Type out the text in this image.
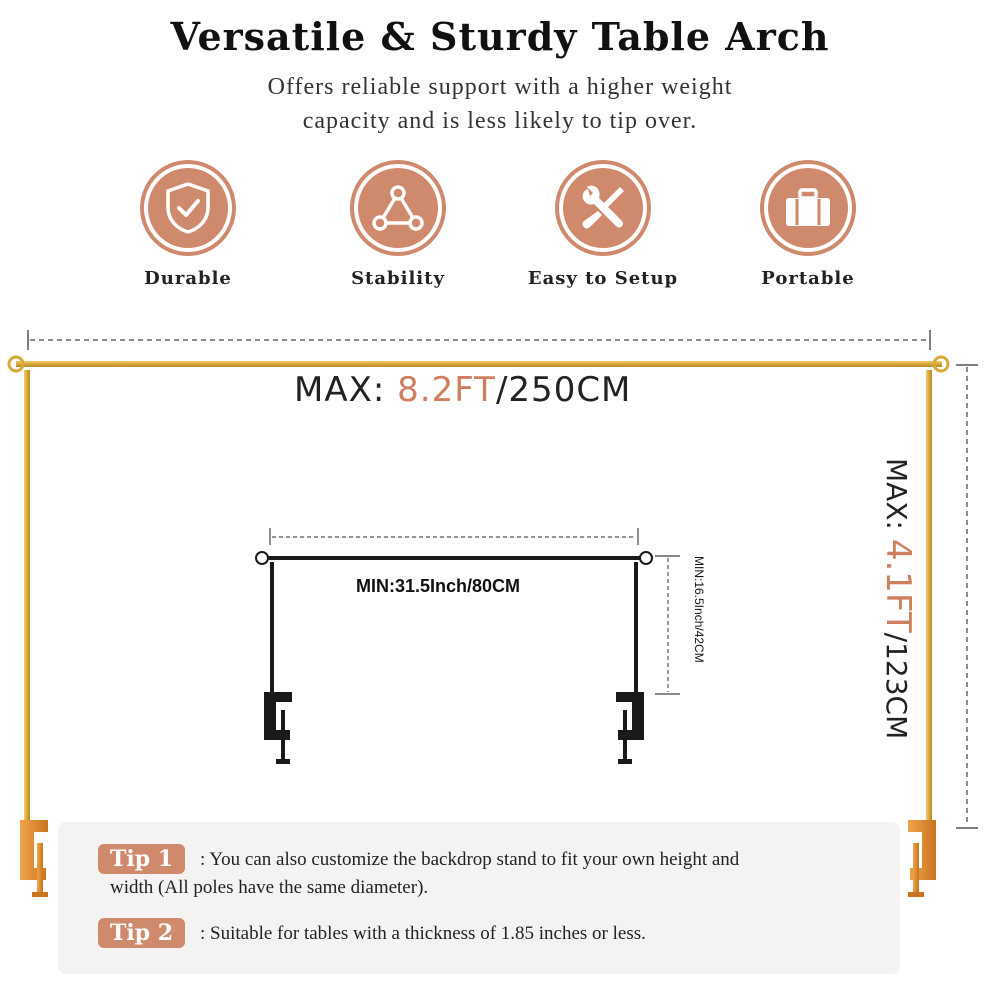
Versatile & Sturdy Table Arch
Offers reliable support with a higher weight
capacity and is less likely to tip over.
Durable	Stability	Easy to Setup	Portable
MAX: 8.2FT/250CM
MAX: 4.1FT/123CM
MIN:31.5Inch/80CM	MIN:16.5Inch/42CM
Tip 1	: You can also customize the backdrop stand to fit your own height and
width (All poles have the same diameter).
Tip 2	: Suitable for tables with a thickness of 1.85 inches or less.
